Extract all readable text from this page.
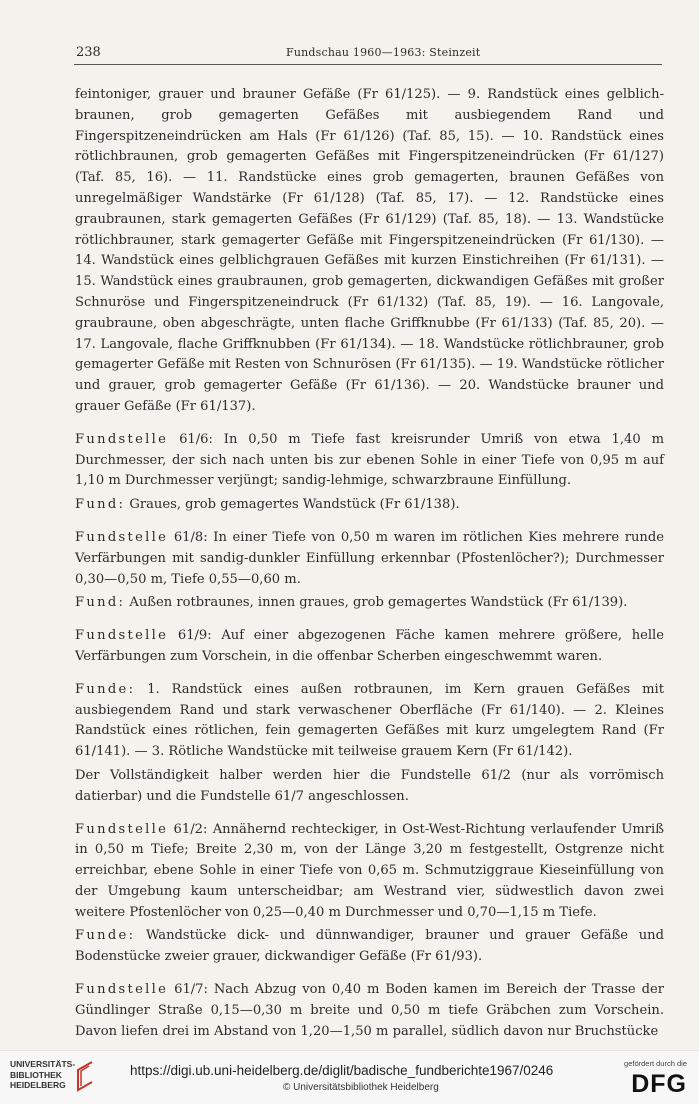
238	Fundschau 1960—1963: Steinzeit

feintoniger, grauer und brauner Gefäße (Fr 61/125). — 9. Randstück eines gelblich-braunen, grob gemagerten Gefäßes mit ausbiegendem Rand und Fingerspitzeneindrücken am Hals (Fr 61/126) (Taf. 85, 15). — 10. Randstück eines rötlichbraunen, grob gemagerten Gefäßes mit Fingerspitzeneindrücken (Fr 61/127) (Taf. 85, 16). — 11. Randstücke eines grob gemagerten, braunen Gefäßes von unregelmäßiger Wandstärke (Fr 61/128) (Taf. 85, 17). — 12. Randstücke eines graubraunen, stark gemagerten Gefäßes (Fr 61/129) (Taf. 85, 18). — 13. Wandstücke rötlichbrauner, stark gemagerter Gefäße mit Fingerspitzeneindrücken (Fr 61/130). — 14. Wandstück eines gelblichgrauen Gefäßes mit kurzen Einstichreihen (Fr 61/131). — 15. Wandstück eines graubraunen, grob gemagerten, dickwandigen Gefäßes mit großer Schnuröse und Fingerspitzeneindruck (Fr 61/132) (Taf. 85, 19). — 16. Langovale, graubraune, oben abgeschrägte, unten flache Griffknubbe (Fr 61/133) (Taf. 85, 20). — 17. Langovale, flache Griffknubben (Fr 61/134). — 18. Wandstücke rötlichbrauner, grob gemagerter Gefäße mit Resten von Schnurösen (Fr 61/135). — 19. Wandstücke rötlicher und grauer, grob gemagerter Gefäße (Fr 61/136). — 20. Wandstücke brauner und grauer Gefäße (Fr 61/137).

Fundstelle 61/6: In 0,50 m Tiefe fast kreisrunder Umriß von etwa 1,40 m Durchmesser, der sich nach unten bis zur ebenen Sohle in einer Tiefe von 0,95 m auf 1,10 m Durchmesser verjüngt; sandig-lehmige, schwarzbraune Einfüllung.

Fund: Graues, grob gemagertes Wandstück (Fr 61/138).

Fundstelle 61/8: In einer Tiefe von 0,50 m waren im rötlichen Kies mehrere runde Verfärbungen mit sandig-dunkler Einfüllung erkennbar (Pfostenlöcher?); Durchmesser 0,30—0,50 m, Tiefe 0,55—0,60 m.

Fund: Außen rotbraunes, innen graues, grob gemagertes Wandstück (Fr 61/139).

Fundstelle 61/9: Auf einer abgezogenen Fäche kamen mehrere größere, helle Verfärbungen zum Vorschein, in die offenbar Scherben eingeschwemmt waren.

Funde: 1. Randstück eines außen rotbraunen, im Kern grauen Gefäßes mit ausbiegendem Rand und stark verwaschener Oberfläche (Fr 61/140). — 2. Kleines Randstück eines rötlichen, fein gemagerten Gefäßes mit kurz umgelegtem Rand (Fr 61/141). — 3. Rötliche Wandstücke mit teilweise grauem Kern (Fr 61/142).

Der Vollständigkeit halber werden hier die Fundstelle 61/2 (nur als vorrömisch datierbar) und die Fundstelle 61/7 angeschlossen.

Fundstelle 61/2: Annähernd rechteckiger, in Ost-West-Richtung verlaufender Umriß in 0,50 m Tiefe; Breite 2,30 m, von der Länge 3,20 m festgestellt, Ostgrenze nicht erreichbar, ebene Sohle in einer Tiefe von 0,65 m. Schmutziggraue Kieseinfüllung von der Umgebung kaum unterscheidbar; am Westrand vier, südwestlich davon zwei weitere Pfostenlöcher von 0,25—0,40 m Durchmesser und 0,70—1,15 m Tiefe.

Funde: Wandstücke dick- und dünnwandiger, brauner und grauer Gefäße und Bodenstücke zweier grauer, dickwandiger Gefäße (Fr 61/93).

Fundstelle 61/7: Nach Abzug von 0,40 m Boden kamen im Bereich der Trasse der Gündlinger Straße 0,15—0,30 m breite und 0,50 m tiefe Gräbchen zum Vorschein. Davon liefen drei im Abstand von 1,20—1,50 m parallel, südlich davon nur Bruchstücke

UNIVERSITÄTS-
BIBLIOTHEK
HEIDELBERG
https://digi.ub.uni-heidelberg.de/diglit/badische_fundberichte1967/0246
© Universitätsbibliothek Heidelberg
gefördert durch die
DFG
